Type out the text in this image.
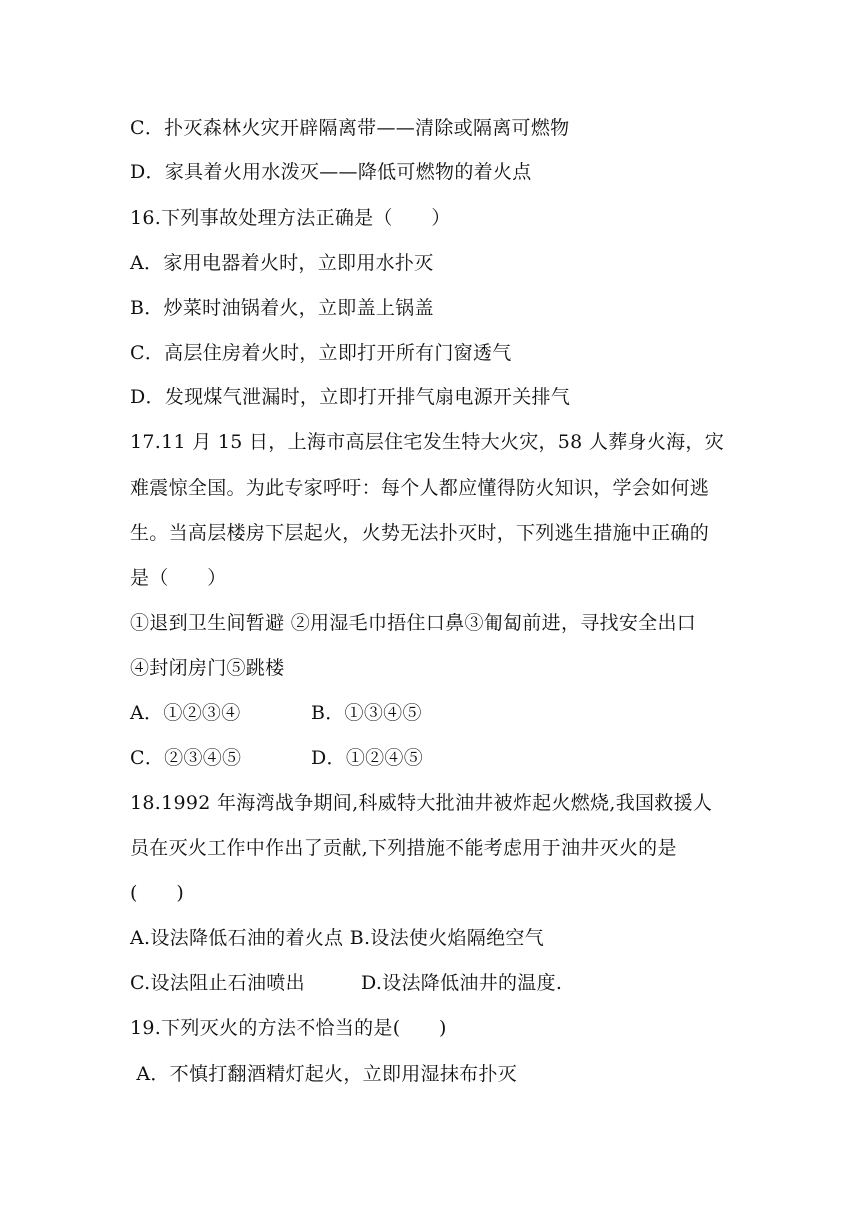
C．扑灭森林火灾开辟隔离带——清除或隔离可燃物
D．家具着火用水泼灭——降低可燃物的着火点
16.下列事故处理方法正确是（　　）
A．家用电器着火时，立即用水扑灭
B．炒菜时油锅着火，立即盖上锅盖
C．高层住房着火时，立即打开所有门窗透气
D．发现煤气泄漏时，立即打开排气扇电源开关排气
17.11 月 15 日，上海市高层住宅发生特大火灾，58 人葬身火海，灾
难震惊全国。为此专家呼吁：每个人都应懂得防火知识，学会如何逃
生。当高层楼房下层起火，火势无法扑灭时，下列逃生措施中正确的
是（　　）
①退到卫生间暂避 ②用湿毛巾捂住口鼻③匍匐前进，寻找安全出口
④封闭房门⑤跳楼
A．①②③④	B．①③④⑤
C．②③④⑤	D．①②④⑤
18.1992 年海湾战争期间,科威特大批油井被炸起火燃烧,我国救援人
员在灭火工作中作出了贡献,下列措施不能考虑用于油井灭火的是
(　　)
A.设法降低石油的着火点 B.设法使火焰隔绝空气
C.设法阻止石油喷出	D.设法降低油井的温度.
19.下列灭火的方法不恰当的是(　　)
A．不慎打翻酒精灯起火，立即用湿抹布扑灭
